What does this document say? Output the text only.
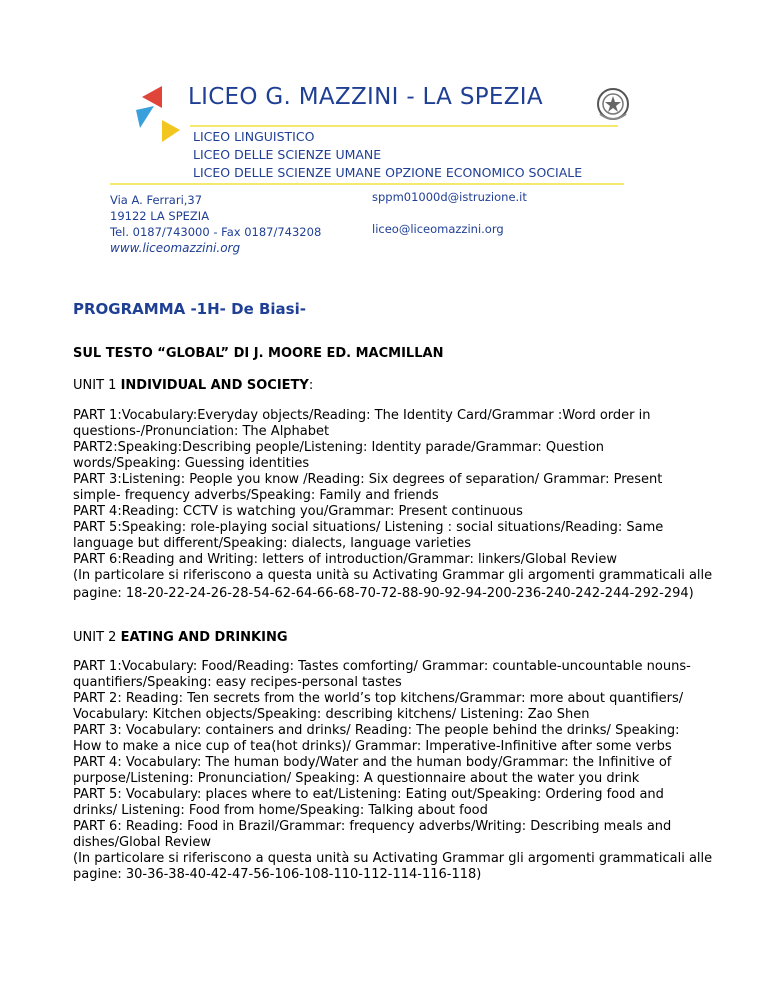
LICEO G. MAZZINI - LA SPEZIA
LICEO LINGUISTICO
LICEO DELLE SCIENZE UMANE
LICEO DELLE SCIENZE UMANE OPZIONE ECONOMICO SOCIALE
Via A. Ferrari,37
19122 LA SPEZIA
Tel. 0187/743000 - Fax 0187/743208
www.liceomazzini.org
sppm01000d@istruzione.it
liceo@liceomazzini.org
PROGRAMMA -1H- De Biasi-
SUL TESTO “GLOBAL” DI J. MOORE ED. MACMILLAN
UNIT 1 INDIVIDUAL AND SOCIETY:
PART 1:Vocabulary:Everyday objects/Reading: The Identity Card/Grammar :Word order in
questions-/Pronunciation: The Alphabet
PART2:Speaking:Describing people/Listening: Identity parade/Grammar: Question
words/Speaking: Guessing identities
PART 3:Listening: People you know /Reading: Six degrees of separation/ Grammar: Present
simple- frequency adverbs/Speaking: Family and friends
PART 4:Reading: CCTV is watching you/Grammar: Present continuous
PART 5:Speaking: role-playing social situations/ Listening : social situations/Reading: Same
language but different/Speaking: dialects, language varieties
PART 6:Reading and Writing: letters of introduction/Grammar: linkers/Global Review
(In particolare si riferiscono a questa unità su Activating Grammar gli argomenti grammaticali alle
pagine: 18-20-22-24-26-28-54-62-64-66-68-70-72-88-90-92-94-200-236-240-242-244-292-294)
UNIT 2 EATING AND DRINKING
PART 1:Vocabulary: Food/Reading: Tastes comforting/ Grammar: countable-uncountable nouns-
quantifiers/Speaking: easy recipes-personal tastes
PART 2: Reading: Ten secrets from the world’s top kitchens/Grammar: more about quantifiers/
Vocabulary: Kitchen objects/Speaking: describing kitchens/ Listening: Zao Shen
PART 3: Vocabulary: containers and drinks/ Reading: The people behind the drinks/ Speaking:
How to make a nice cup of tea(hot drinks)/ Grammar: Imperative-Infinitive after some verbs
PART 4: Vocabulary: The human body/Water and the human body/Grammar: the Infinitive of
purpose/Listening: Pronunciation/ Speaking: A questionnaire about the water you drink
PART 5: Vocabulary: places where to eat/Listening: Eating out/Speaking: Ordering food and
drinks/ Listening: Food from home/Speaking: Talking about food
PART 6: Reading: Food in Brazil/Grammar: frequency adverbs/Writing: Describing meals and
dishes/Global Review
(In particolare si riferiscono a questa unità su Activating Grammar gli argomenti grammaticali alle
pagine: 30-36-38-40-42-47-56-106-108-110-112-114-116-118)
